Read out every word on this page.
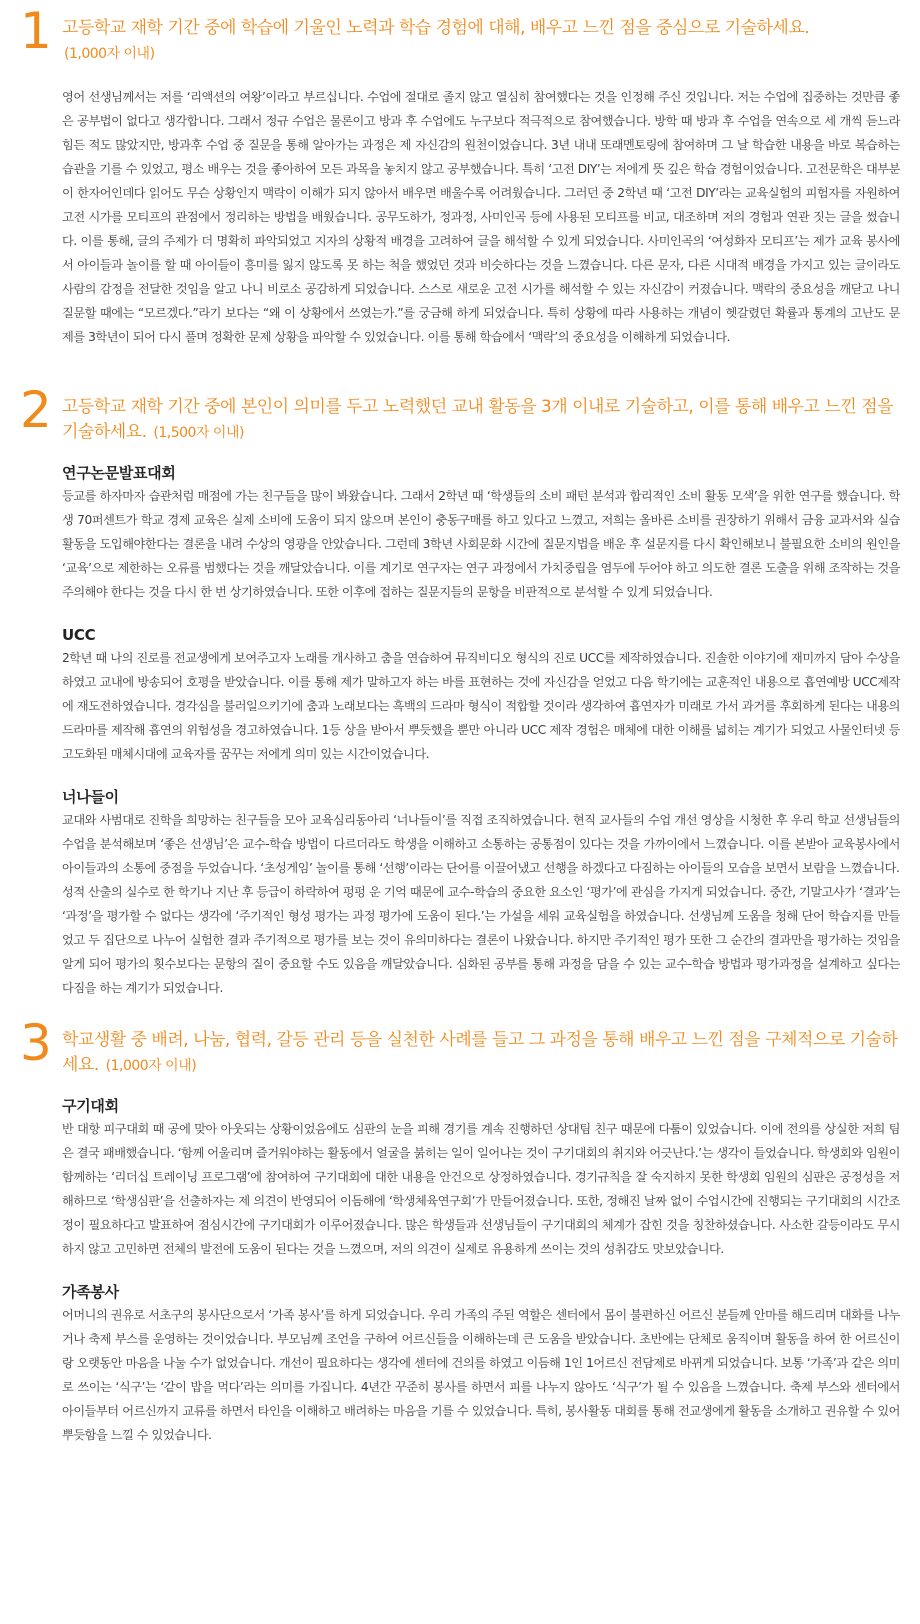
1 고등학교 재학 기간 중에 학습에 기울인 노력과 학습 경험에 대해, 배우고 느낀 점을 중심으로 기술하세요.
(1,000자 이내)

영어 선생님께서는 저를 ‘리액션의 여왕’이라고 부르십니다. 수업에 절대로 졸지 않고 열심히 참여했다는 것을 인정해 주신 것입니다. 저는 수업에 집중하는 것만큼 좋은 공부법이 없다고 생각합니다. 그래서 정규 수업은 물론이고 방과 후 수업에도 누구보다 적극적으로 참여했습니다. 방학 때 방과 후 수업을 연속으로 세 개씩 듣느라 힘든 적도 많았지만, 방과후 수업 중 질문을 통해 알아가는 과정은 제 자신감의 원천이었습니다. 3년 내내 또래멘토링에 참여하며 그 날 학습한 내용을 바로 복습하는 습관을 기를 수 있었고, 평소 배우는 것을 좋아하여 모든 과목을 놓치지 않고 공부했습니다. 특히 ‘고전 DIY’는 저에게 뜻 깊은 학습 경험이었습니다. 고전문학은 대부분이 한자어인데다 읽어도 무슨 상황인지 맥락이 이해가 되지 않아서 배우면 배울수록 어려웠습니다. 그러던 중 2학년 때 ‘고전 DIY’라는 교육실험의 피험자를 자원하여 고전 시가를 모티프의 관점에서 정리하는 방법을 배웠습니다. 공무도하가, 정과정, 사미인곡 등에 사용된 모티프를 비교, 대조하며 저의 경험과 연관 짓는 글을 썼습니다. 이를 통해, 글의 주제가 더 명확히 파악되었고 지자의 상황적 배경을 고려하여 글을 해석할 수 있게 되었습니다. 사미인곡의 ‘여성화자 모티프’는 제가 교육 봉사에서 아이들과 놀이를 할 때 아이들이 흥미를 잃지 않도록 못 하는 척을 했었던 것과 비슷하다는 것을 느꼈습니다. 다른 문자, 다른 시대적 배경을 가지고 있는 글이라도 사람의 감정을 전달한 것임을 알고 나니 비로소 공감하게 되었습니다. 스스로 새로운 고전 시가를 해석할 수 있는 자신감이 커졌습니다. 맥락의 중요성을 깨닫고 나니 질문할 때에는 “모르겠다.”라기 보다는 “왜 이 상황에서 쓰였는가.”를 궁금해 하게 되었습니다. 특히 상황에 따라 사용하는 개념이 헷갈렸던 확률과 통계의 고난도 문제를 3학년이 되어 다시 풀며 정확한 문제 상황을 파악할 수 있었습니다. 이를 통해 학습에서 ‘맥락’의 중요성을 이해하게 되었습니다.

2 고등학교 재학 기간 중에 본인이 의미를 두고 노력했던 교내 활동을 3개 이내로 기술하고, 이를 통해 배우고 느낀 점을 기술하세요. (1,500자 이내)

연구논문발표대회

등교를 하자마자 습관처럼 매점에 가는 친구들을 많이 봐왔습니다. 그래서 2학년 때 ‘학생들의 소비 패턴 분석과 합리적인 소비 활동 모색’을 위한 연구를 했습니다. 학생 70퍼센트가 학교 경제 교육은 실제 소비에 도움이 되지 않으며 본인이 충동구매를 하고 있다고 느꼈고, 저희는 올바른 소비를 권장하기 위해서 금융 교과서와 실습 활동을 도입해야한다는 결론을 내려 수상의 영광을 안았습니다. 그런데 3학년 사회문화 시간에 질문지법을 배운 후 설문지를 다시 확인해보니 불필요한 소비의 원인을 ‘교육’으로 제한하는 오류를 범했다는 것을 깨달았습니다. 이를 계기로 연구자는 연구 과정에서 가치중립을 염두에 두어야 하고 의도한 결론 도출을 위해 조작하는 것을 주의해야 한다는 것을 다시 한 번 상기하였습니다. 또한 이후에 접하는 질문지들의 문항을 비판적으로 분석할 수 있게 되었습니다.

UCC

2학년 때 나의 진로를 전교생에게 보여주고자 노래를 개사하고 춤을 연습하여 뮤직비디오 형식의 진로 UCC를 제작하였습니다. 진솔한 이야기에 재미까지 담아 수상을 하였고 교내에 방송되어 호평을 받았습니다. 이를 통해 제가 말하고자 하는 바를 표현하는 것에 자신감을 얻었고 다음 학기에는 교훈적인 내용으로 흡연예방 UCC제작에 재도전하였습니다. 경각심을 불러일으키기에 춤과 노래보다는 흑백의 드라마 형식이 적합할 것이라 생각하여 흡연자가 미래로 가서 과거를 후회하게 된다는 내용의 드라마를 제작해 흡연의 위험성을 경고하였습니다. 1등 상을 받아서 뿌듯했을 뿐만 아니라 UCC 제작 경험은 매체에 대한 이해를 넓히는 계기가 되었고 사물인터넷 등 고도화된 매체시대에 교육자를 꿈꾸는 저에게 의미 있는 시간이었습니다.

너나들이

교대와 사범대로 진학을 희망하는 친구들을 모아 교육심리동아리 ‘너나들이’를 직접 조직하였습니다. 현직 교사들의 수업 개선 영상을 시청한 후 우리 학교 선생님들의 수업을 분석해보며 ‘좋은 선생님’은 교수-학습 방법이 다르더라도 학생을 이해하고 소통하는 공통점이 있다는 것을 가까이에서 느꼈습니다. 이를 본받아 교육봉사에서 아이들과의 소통에 중점을 두었습니다. ‘초성게임’ 놀이를 통해 ‘선행’이라는 단어를 이끌어냈고 선행을 하겠다고 다짐하는 아이들의 모습을 보면서 보람을 느꼈습니다.

성적 산출의 실수로 한 학기나 지난 후 등급이 하락하여 펑펑 운 기억 때문에 교수-학습의 중요한 요소인 ‘평가’에 관심을 가지게 되었습니다. 중간, 기말고사가 ‘결과’는 ‘과정’을 평가할 수 없다는 생각에 ‘주기적인 형성 평가는 과정 평가에 도움이 된다.’는 가설을 세워 교육실험을 하였습니다. 선생님께 도움을 청해 단어 학습지를 만들었고 두 집단으로 나누어 실험한 결과 주기적으로 평가를 보는 것이 유의미하다는 결론이 나왔습니다. 하지만 주기적인 평가 또한 그 순간의 결과만을 평가하는 것임을 알게 되어 평가의 횟수보다는 문항의 질이 중요할 수도 있음을 깨달았습니다. 심화된 공부를 통해 과정을 담을 수 있는 교수-학습 방법과 평가과정을 설계하고 싶다는 다짐을 하는 계기가 되었습니다.

3 학교생활 중 배려, 나눔, 협력, 갈등 관리 등을 실천한 사례를 들고 그 과정을 통해 배우고 느낀 점을 구체적으로 기술하세요. (1,000자 이내)

구기대회

반 대항 피구대회 때 공에 맞아 아웃되는 상황이었음에도 심판의 눈을 피해 경기를 계속 진행하던 상대팀 친구 때문에 다툼이 있었습니다. 이에 전의를 상실한 저희 팀은 결국 패배했습니다. ‘함께 어울리며 즐거워야하는 활동에서 얼굴을 붉히는 일이 일어나는 것이 구기대회의 취지와 어긋난다.’는 생각이 들었습니다. 학생회와 임원이 함께하는 ‘리더십 트레이닝 프로그램’에 참여하여 구기대회에 대한 내용을 안건으로 상정하였습니다. 경기규칙을 잘 숙지하지 못한 학생회 임원의 심판은 공정성을 저해하므로 ‘학생심판’을 선출하자는 제 의견이 반영되어 이듬해에 ‘학생체육연구회’가 만들어졌습니다. 또한, 정해진 날짜 없이 수업시간에 진행되는 구기대회의 시간조정이 필요하다고 발표하여 점심시간에 구기대회가 이루어졌습니다. 많은 학생들과 선생님들이 구기대회의 체계가 잡힌 것을 칭찬하셨습니다. 사소한 갈등이라도 무시하지 않고 고민하면 전체의 발전에 도움이 된다는 것을 느꼈으며, 저의 의견이 실제로 유용하게 쓰이는 것의 성취감도 맛보았습니다.

가족봉사

어머니의 권유로 서초구의 봉사단으로서 ‘가족 봉사’를 하게 되었습니다. 우리 가족의 주된 역할은 센터에서 몸이 불편하신 어르신 분들께 안마를 해드리며 대화를 나누거나 축제 부스를 운영하는 것이었습니다. 부모님께 조언을 구하여 어르신들을 이해하는데 큰 도움을 받았습니다. 초반에는 단체로 움직이며 활동을 하여 한 어르신이랑 오랫동안 마음을 나눌 수가 없었습니다. 개선이 필요하다는 생각에 센터에 건의를 하였고 이듬해 1인 1어르신 전담제로 바뀌게 되었습니다. 보통 ‘가족’과 같은 의미로 쓰이는 ‘식구’는 ‘같이 밥을 먹다’라는 의미를 가집니다. 4년간 꾸준히 봉사를 하면서 피를 나누지 않아도 ‘식구’가 될 수 있음을 느꼈습니다. 축제 부스와 센터에서 아이들부터 어르신까지 교류를 하면서 타인을 이해하고 배려하는 마음을 기를 수 있었습니다. 특히, 봉사활동 대회를 통해 전교생에게 활동을 소개하고 권유할 수 있어 뿌듯함을 느낄 수 있었습니다.
